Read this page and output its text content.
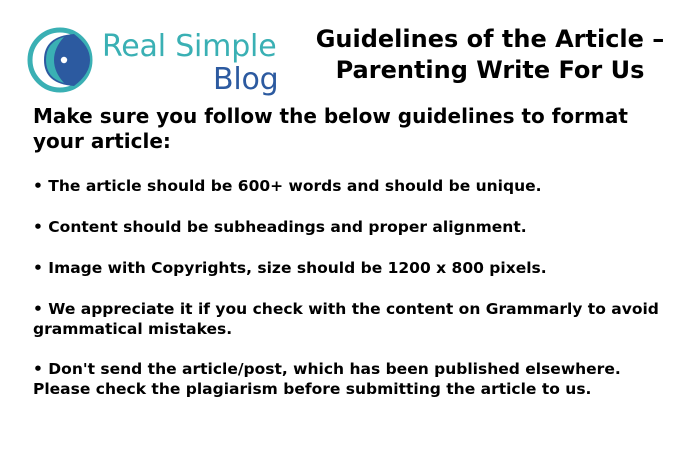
Real Simple
Blog
Guidelines of the Article – Parenting Write For Us

Make sure you follow the below guidelines to format your article:

• The article should be 600+ words and should be unique.
• Content should be subheadings and proper alignment.
• Image with Copyrights, size should be 1200 x 800 pixels.
• We appreciate it if you check with the content on Grammarly to avoid grammatical mistakes.
• Don't send the article/post, which has been published elsewhere. Please check the plagiarism before submitting the article to us.
